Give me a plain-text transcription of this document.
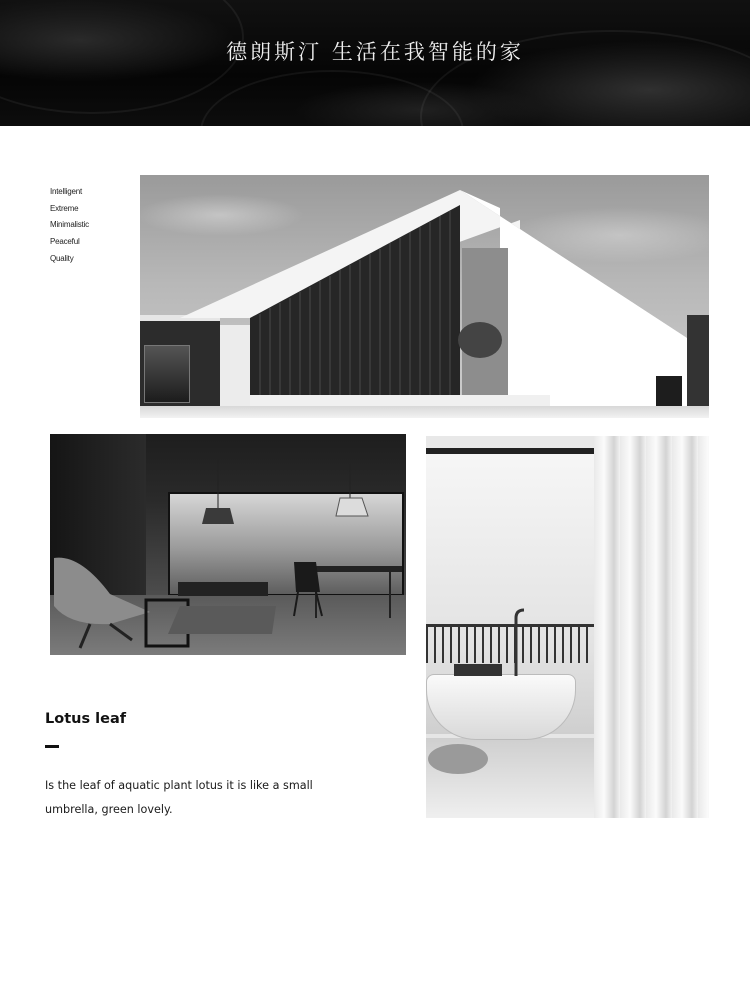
德朗斯汀 生活在我智能的家
Intelligent
Extreme
Minimalistic
Peaceful
Quality
Lotus leaf

Is the leaf of aquatic plant lotus it is like a small umbrella, green lovely.
